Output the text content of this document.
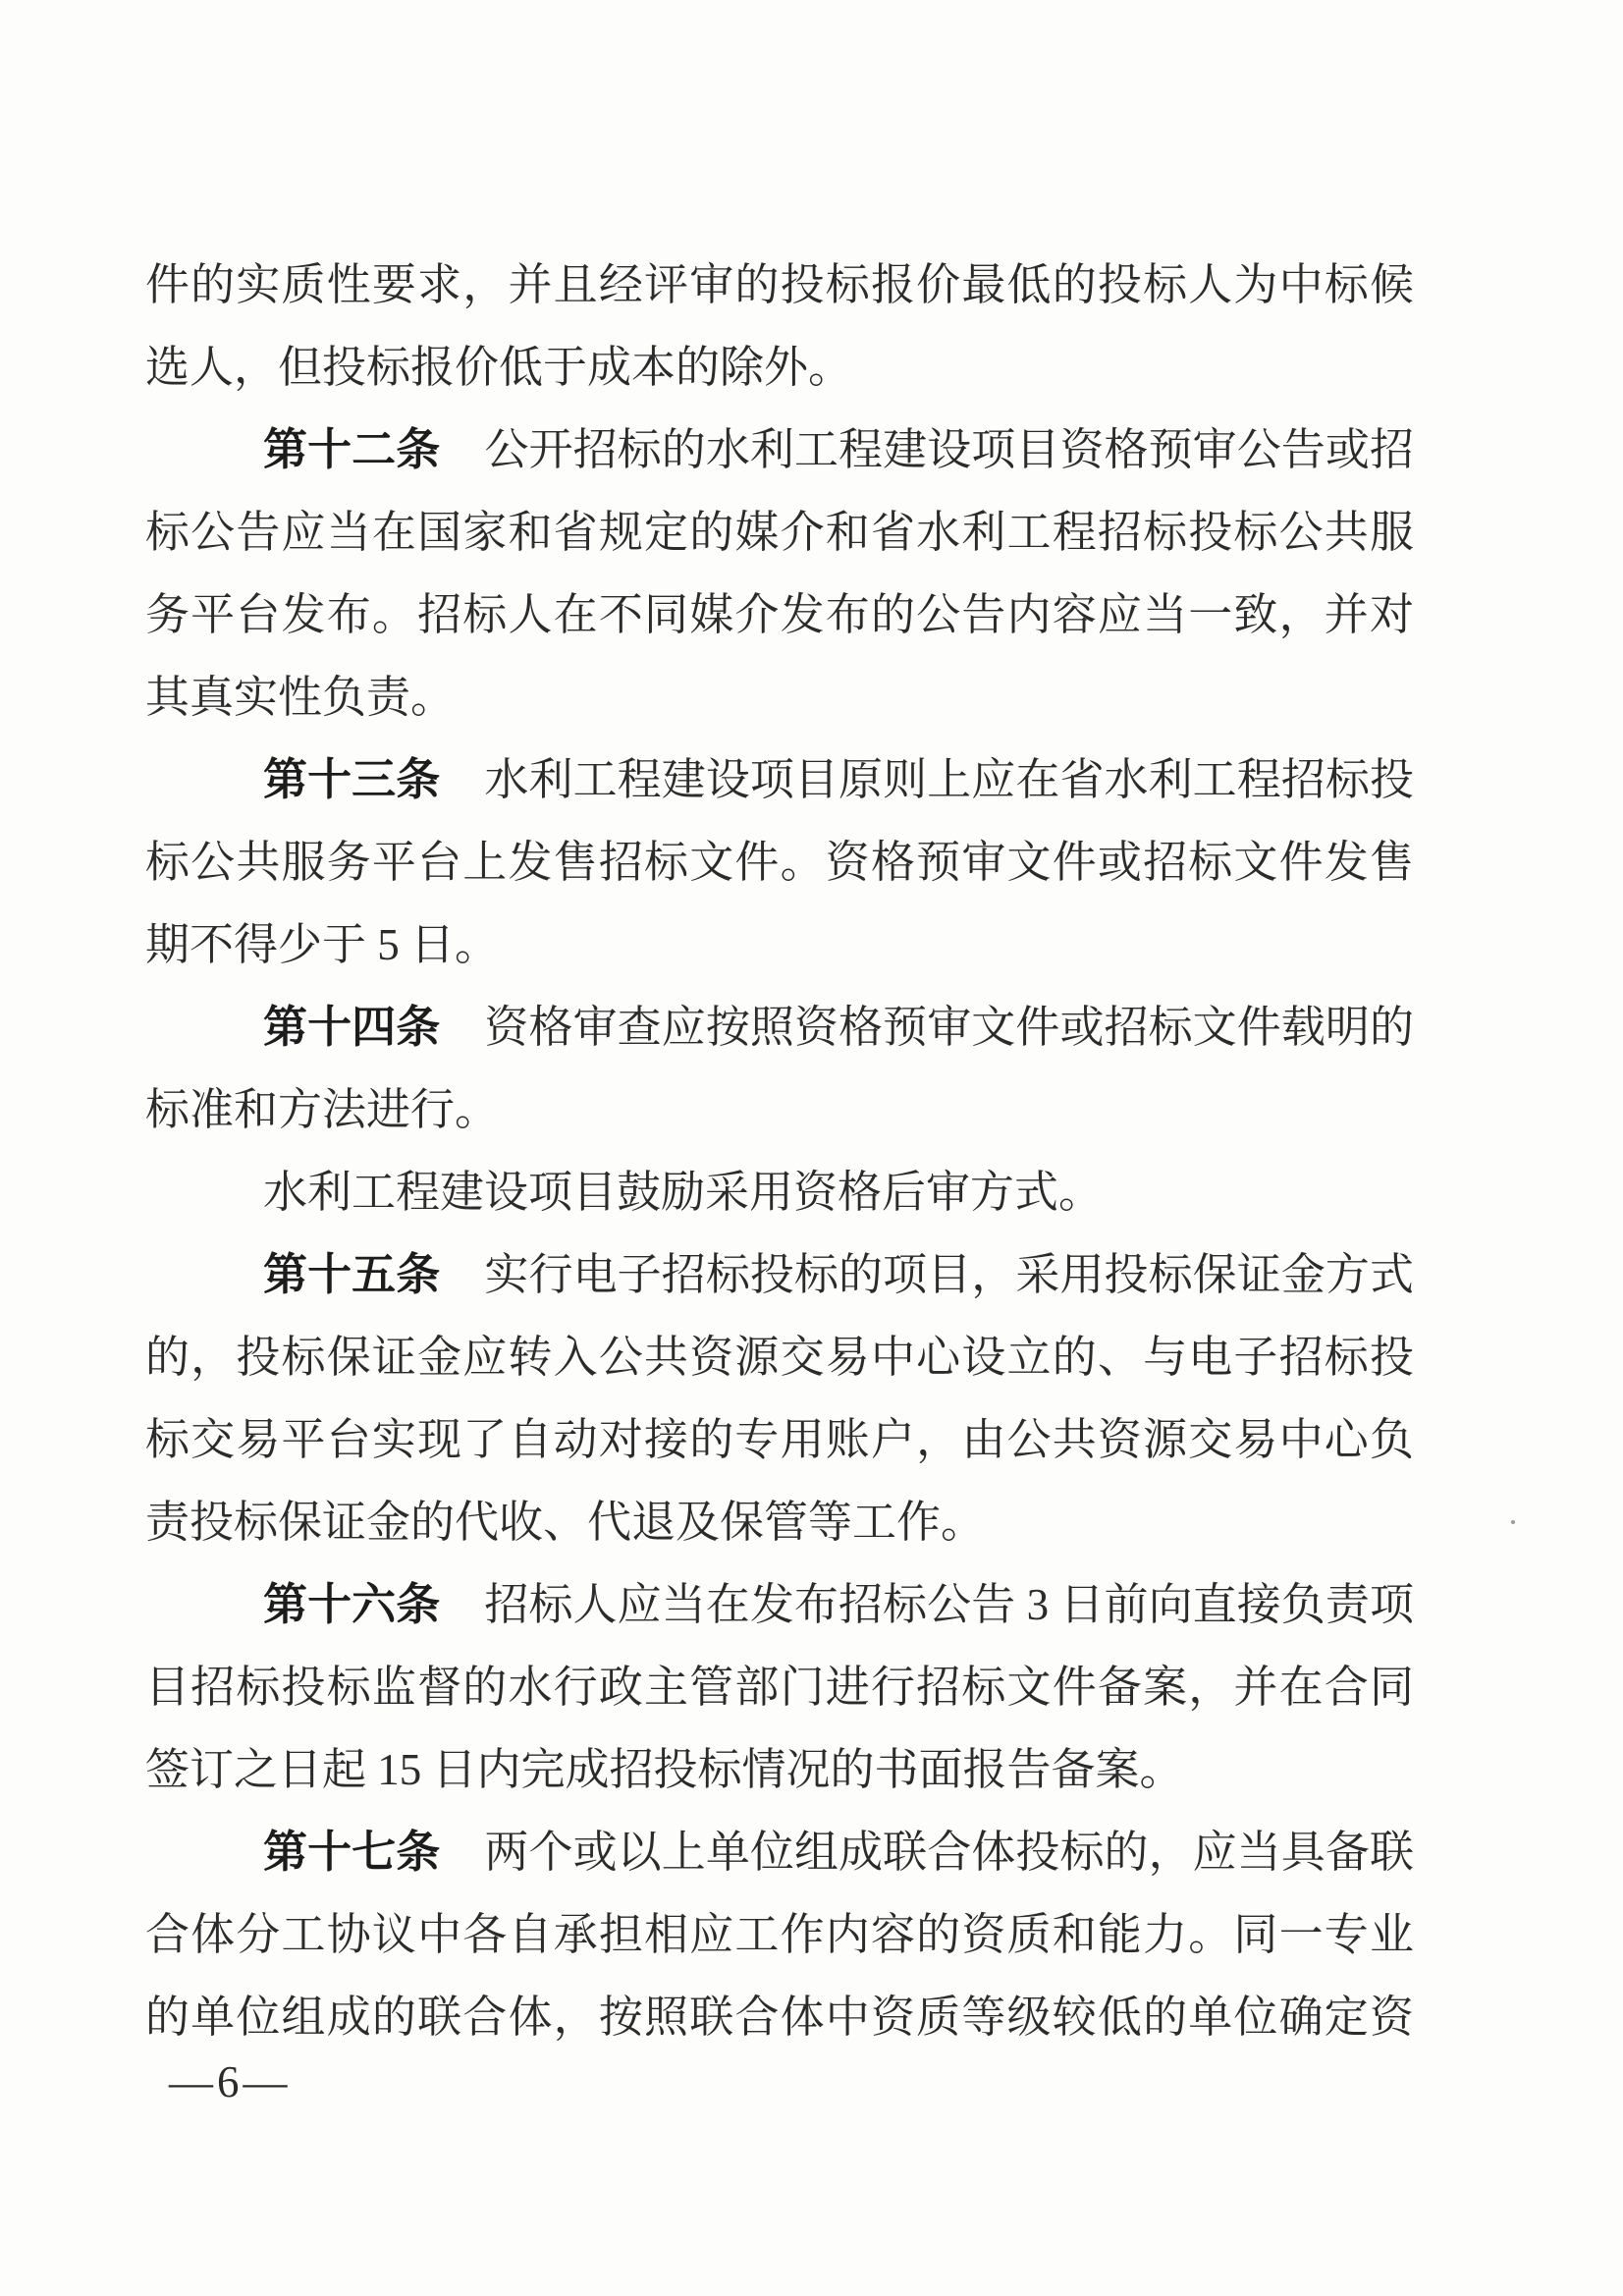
件的实质性要求，并且经评审的投标报价最低的投标人为中标候
选人，但投标报价低于成本的除外。
第十二条　 公开招标的水利工程建设项目资格预审公告或招
标公告应当在国家和省规定的媒介和省水利工程招标投标公共服
务平台发布。招标人在不同媒介发布的公告内容应当一致，并对
其真实性负责。
第十三条　 水利工程建设项目原则上应在省水利工程招标投
标公共服务平台上发售招标文件。资格预审文件或招标文件发售
期不得少于 5 日。
第十四条　 资格审查应按照资格预审文件或招标文件载明的
标准和方法进行。
水利工程建设项目鼓励采用资格后审方式。
第十五条　 实行电子招标投标的项目，采用投标保证金方式
的，投标保证金应转入公共资源交易中心设立的、与电子招标投
标交易平台实现了自动对接的专用账户，由公共资源交易中心负
责投标保证金的代收、代退及保管等工作。
第十六条　 招标人应当在发布招标公告 3 日前向直接负责项
目招标投标监督的水行政主管部门进行招标文件备案，并在合同
签订之日起 15 日内完成招投标情况的书面报告备案。
第十七条　 两个或以上单位组成联合体投标的，应当具备联
合体分工协议中各自承担相应工作内容的资质和能力。同一专业
的单位组成的联合体，按照联合体中资质等级较低的单位确定资
—6—
